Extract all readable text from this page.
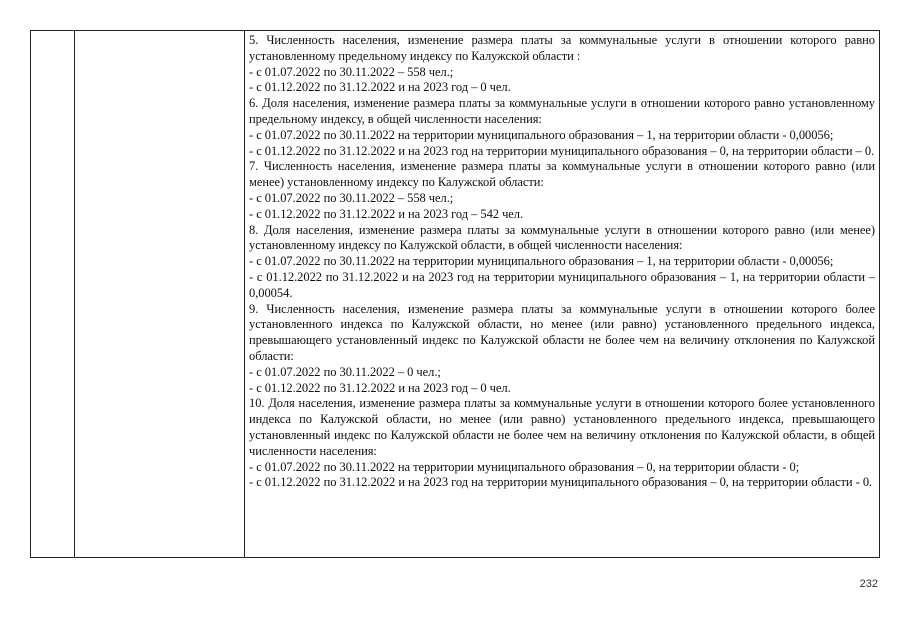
5. Численность населения, изменение размера платы за коммунальные услуги в отношении которого равно установленному предельному индексу по Калужской области :

- с 01.07.2022 по 30.11.2022 – 558 чел.;

- с 01.12.2022 по 31.12.2022 и на 2023 год – 0 чел.

6. Доля населения, изменение размера платы за коммунальные услуги в отношении которого равно установленному предельному индексу, в общей численности населения:

- с 01.07.2022 по 30.11.2022 на территории муниципального образования – 1, на территории области - 0,00056;

- с 01.12.2022 по 31.12.2022 и на 2023 год на территории муниципального образования – 0, на территории области – 0.

7. Численность населения, изменение размера платы за коммунальные услуги в отношении которого равно (или менее) установленному индексу по Калужской области:

- с 01.07.2022 по 30.11.2022 – 558 чел.;

- с 01.12.2022 по 31.12.2022 и на 2023 год – 542 чел.

8. Доля населения, изменение размера платы за коммунальные услуги в отношении которого равно (или менее) установленному индексу по Калужской области, в общей численности населения:

- с 01.07.2022 по 30.11.2022 на территории муниципального образования – 1, на территории области - 0,00056;

- с 01.12.2022 по 31.12.2022 и на 2023 год на территории муниципального образования – 1, на территории области – 0,00054.

9. Численность населения, изменение размера платы за коммунальные услуги в отношении которого более установленного индекса по Калужской области, но менее (или равно) установленного предельного индекса, превышающего установленный индекс по Калужской области не более чем на величину отклонения по Калужской области:

- с 01.07.2022 по 30.11.2022 – 0 чел.;

- с 01.12.2022 по 31.12.2022 и на 2023 год – 0 чел.

10. Доля населения, изменение размера платы за коммунальные услуги в отношении которого более установленного индекса по Калужской области, но менее (или равно) установленного предельного индекса, превышающего установленный индекс по Калужской области не более чем на величину отклонения по Калужской области, в общей численности населения:

- с 01.07.2022 по 30.11.2022 на территории муниципального образования – 0, на территории области - 0;

- с 01.12.2022 по 31.12.2022 и на 2023 год на территории муниципального образования – 0, на территории области - 0.

232
